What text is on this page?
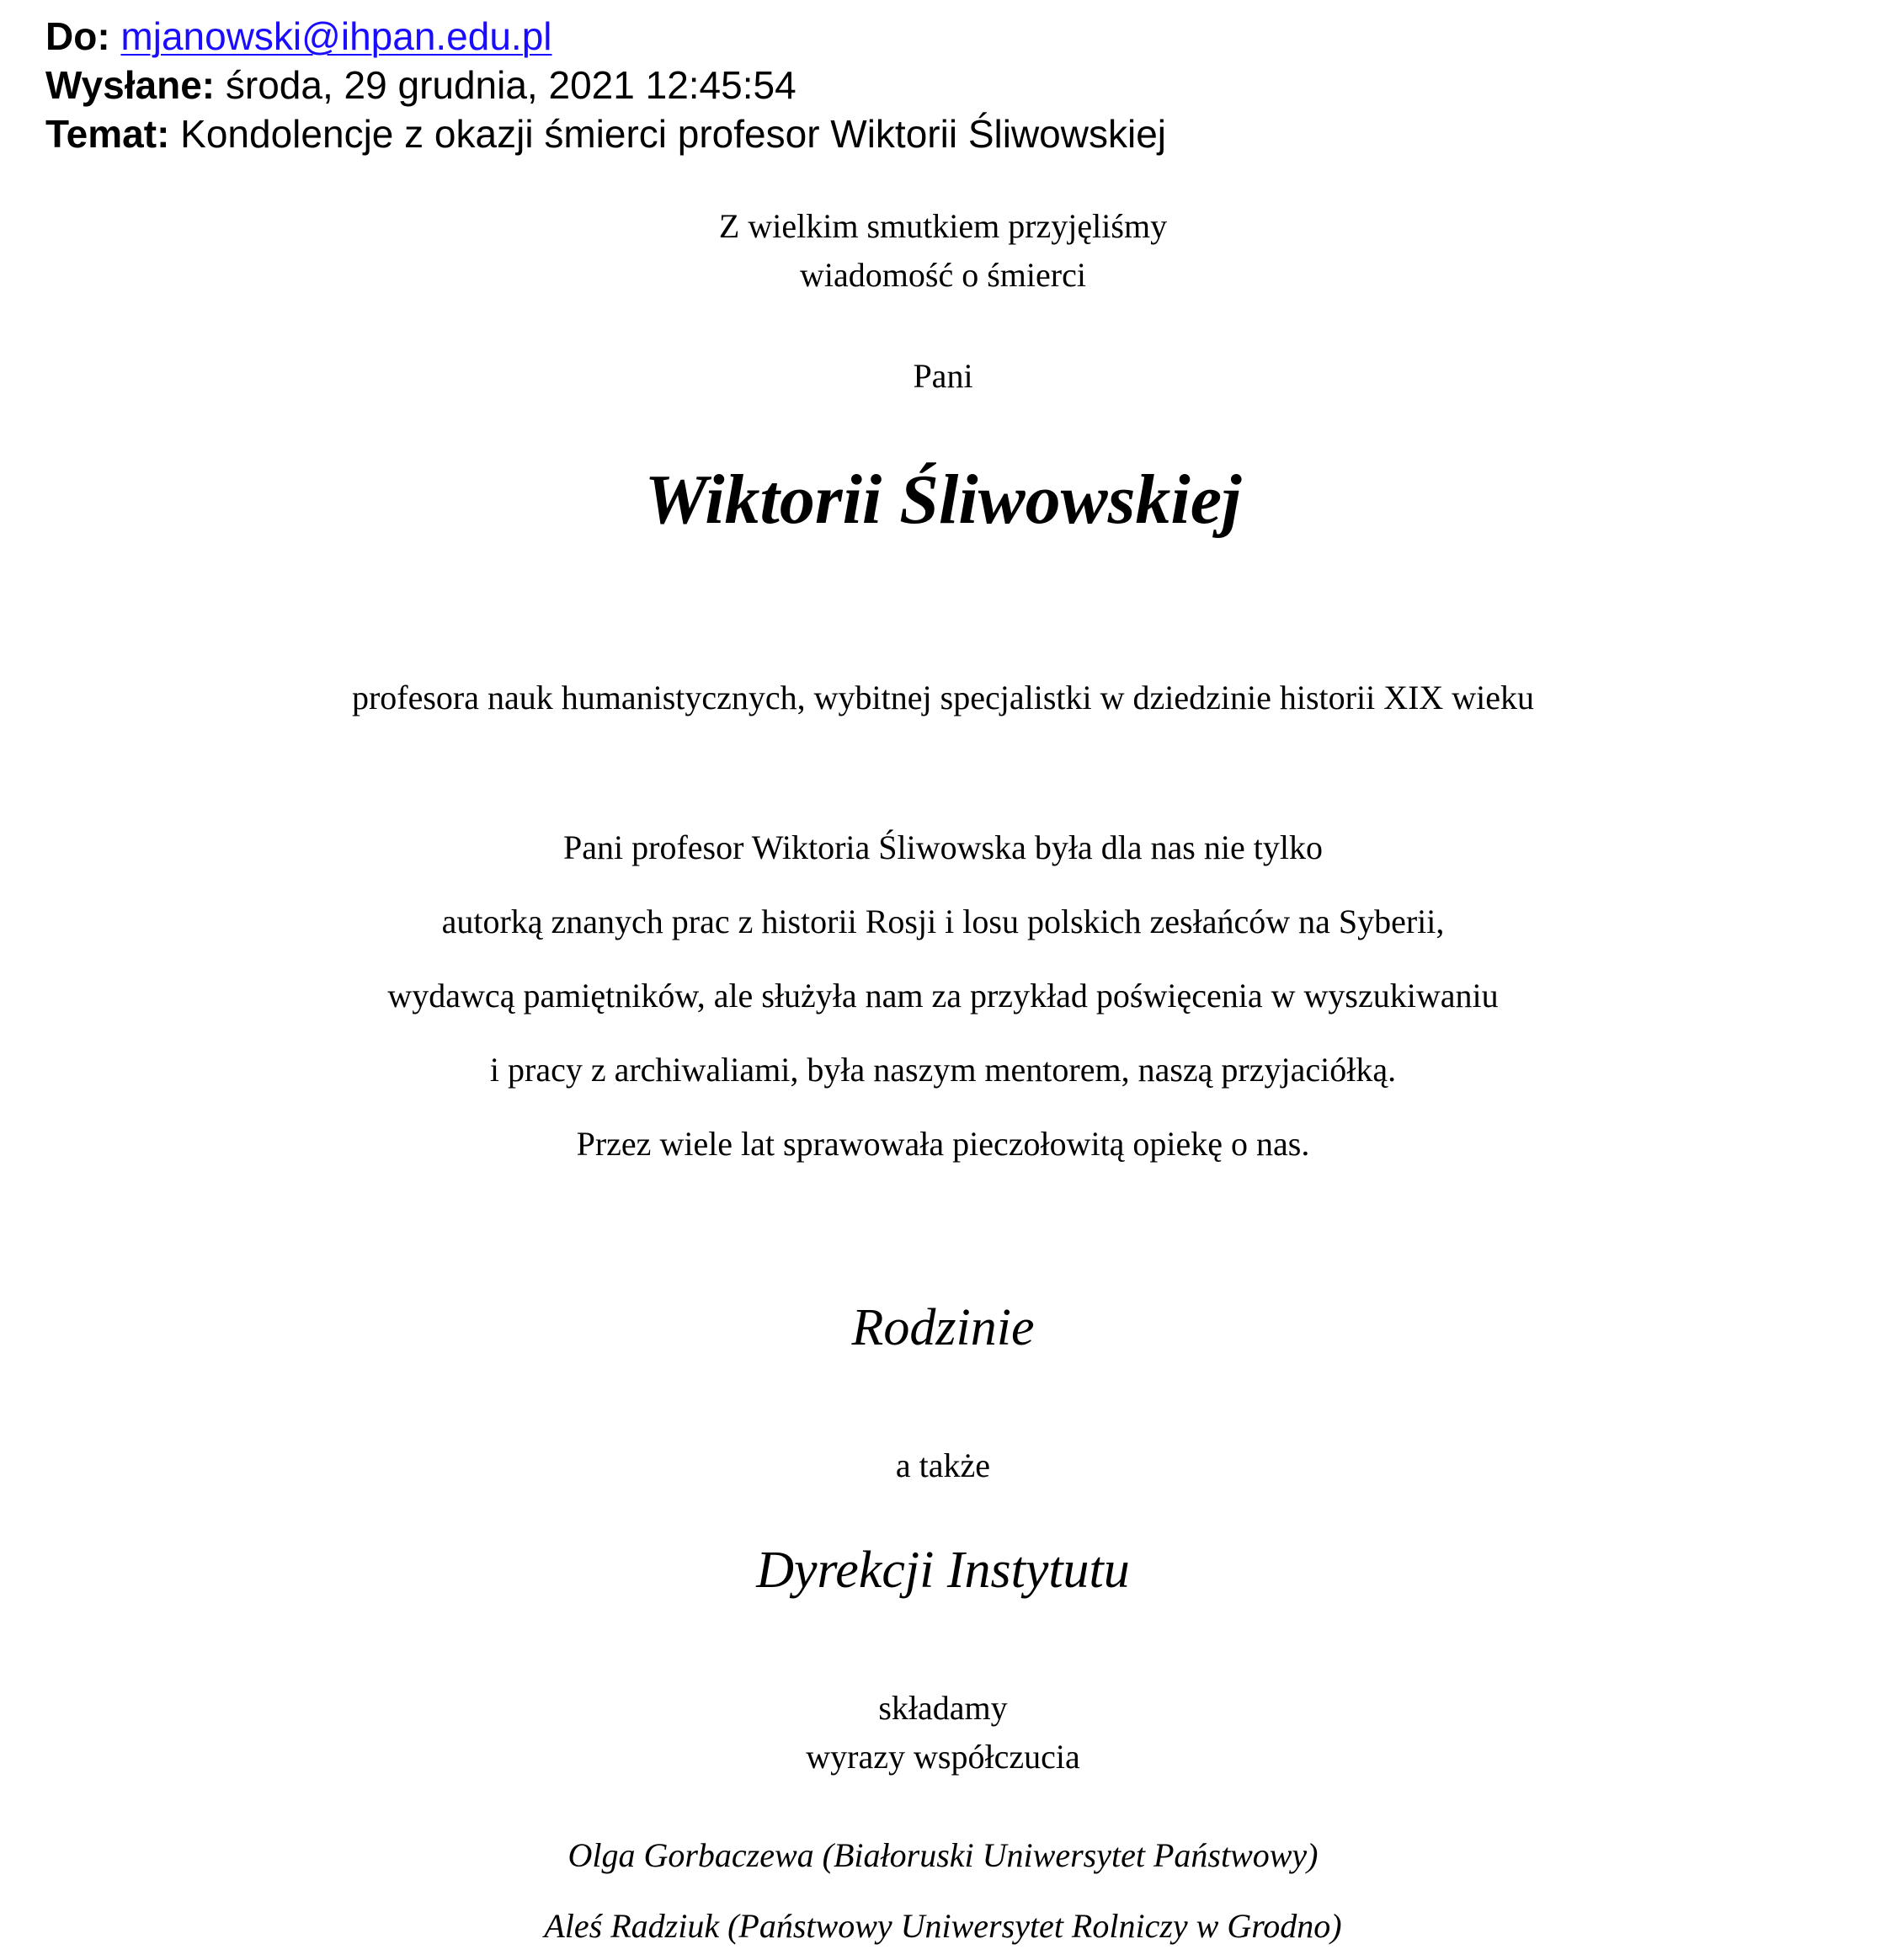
Do: mjanowski@ihpan.edu.pl
Wysłane: środa, 29 grudnia, 2021 12:45:54
Temat: Kondolencje z okazji śmierci profesor Wiktorii Śliwowskiej

Z wielkim smutkiem przyjęliśmy

wiadomość o śmierci

Pani

Wiktorii Śliwowskiej

profesora nauk humanistycznych, wybitnej specjalistki w dziedzinie historii XIX wieku

Pani profesor Wiktoria Śliwowska była dla nas nie tylko

autorką znanych prac z historii Rosji i losu polskich zesłańców na Syberii,

wydawcą pamiętników, ale służyła nam za przykład poświęcenia w wyszukiwaniu

i pracy z archiwaliami, była naszym mentorem, naszą przyjaciółką.

Przez wiele lat sprawowała pieczołowitą opiekę o nas.

Rodzinie

a także

Dyrekcji Instytutu

składamy

wyrazy współczucia

Olga Gorbaczewa (Białoruski Uniwersytet Państwowy)

Aleś Radziuk (Państwowy Uniwersytet Rolniczy w Grodno)
